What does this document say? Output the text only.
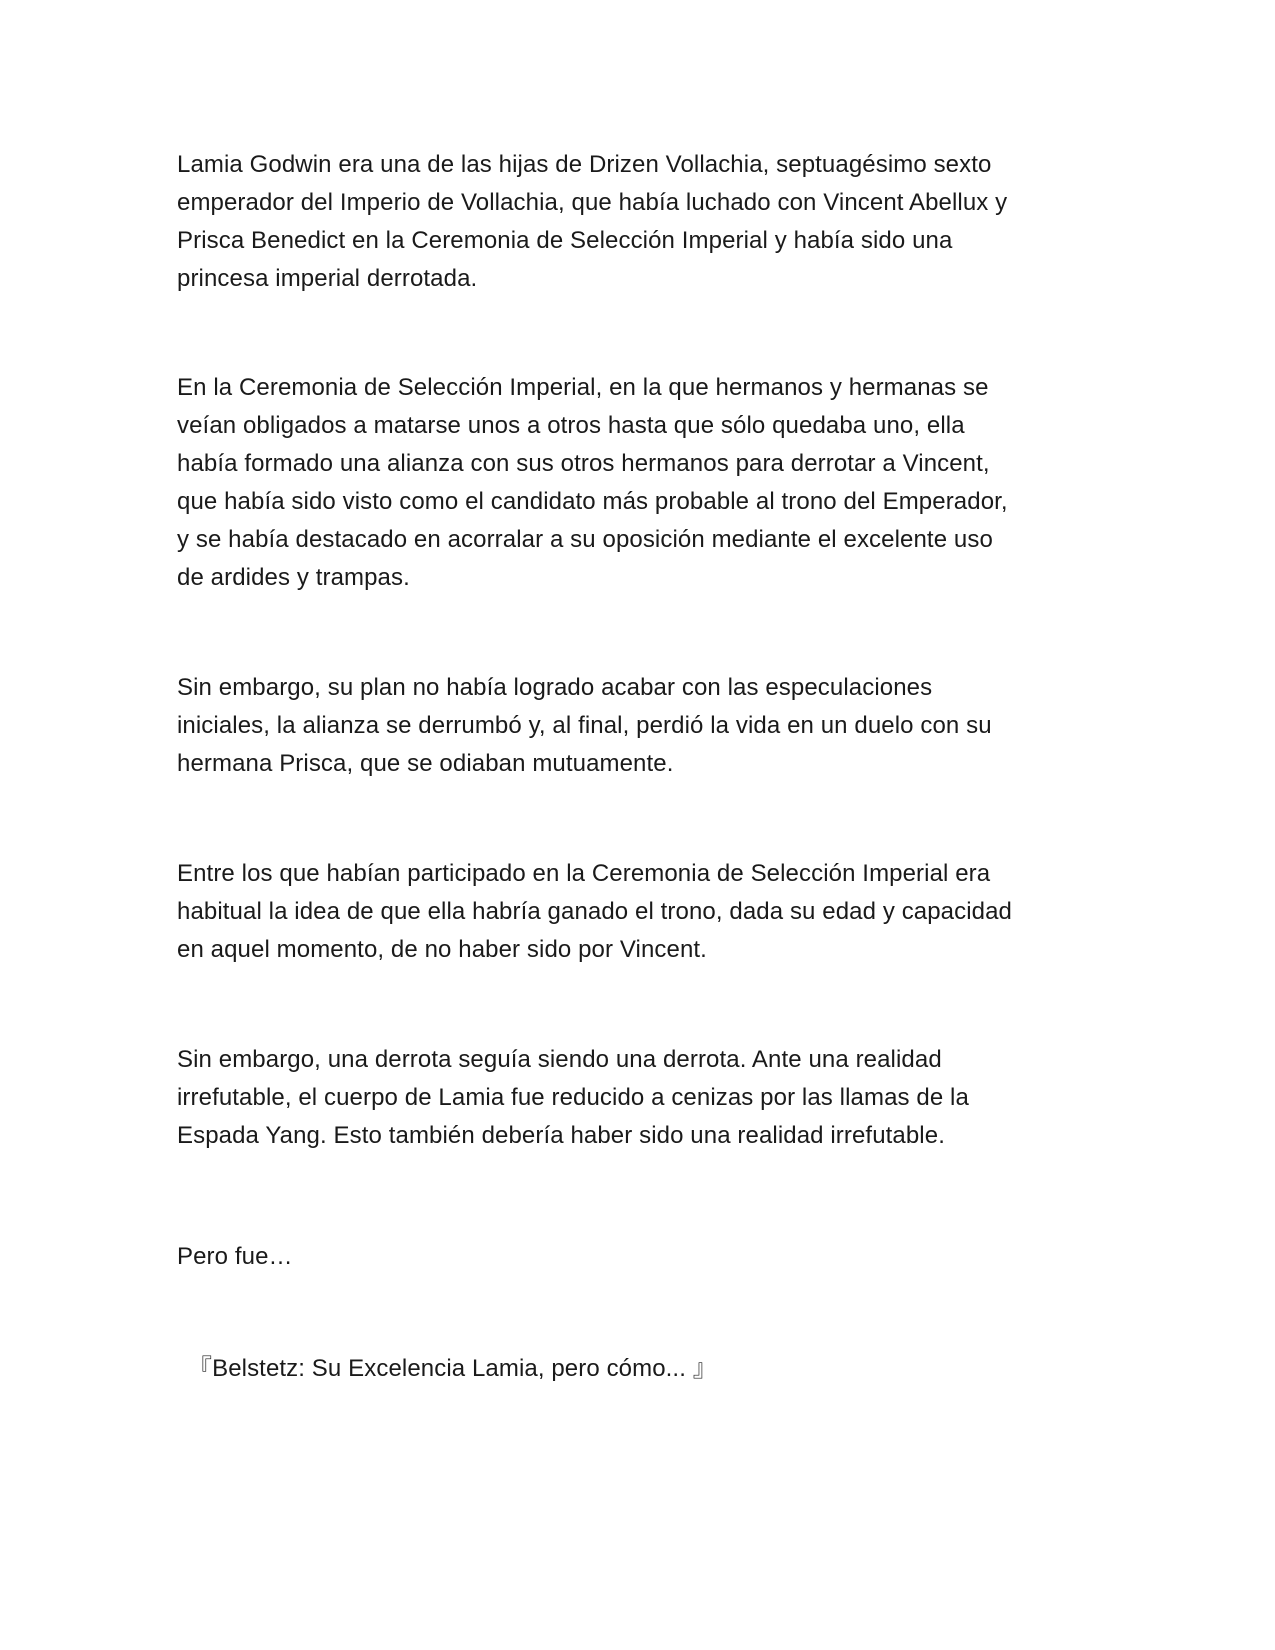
Lamia Godwin era una de las hijas de Drizen Vollachia, septuagésimo sexto
emperador del Imperio de Vollachia, que había luchado con Vincent Abellux y
Prisca Benedict en la Ceremonia de Selección Imperial y había sido una
princesa imperial derrotada.
En la Ceremonia de Selección Imperial, en la que hermanos y hermanas se
veían obligados a matarse unos a otros hasta que sólo quedaba uno, ella
había formado una alianza con sus otros hermanos para derrotar a Vincent,
que había sido visto como el candidato más probable al trono del Emperador,
y se había destacado en acorralar a su oposición mediante el excelente uso
de ardides y trampas.
Sin embargo, su plan no había logrado acabar con las especulaciones
iniciales, la alianza se derrumbó y, al final, perdió la vida en un duelo con su
hermana Prisca, que se odiaban mutuamente.
Entre los que habían participado en la Ceremonia de Selección Imperial era
habitual la idea de que ella habría ganado el trono, dada su edad y capacidad
en aquel momento, de no haber sido por Vincent.
Sin embargo, una derrota seguía siendo una derrota. Ante una realidad
irrefutable, el cuerpo de Lamia fue reducido a cenizas por las llamas de la
Espada Yang. Esto también debería haber sido una realidad irrefutable.
Pero fue…
『Belstetz: Su Excelencia Lamia, pero cómo... 』
